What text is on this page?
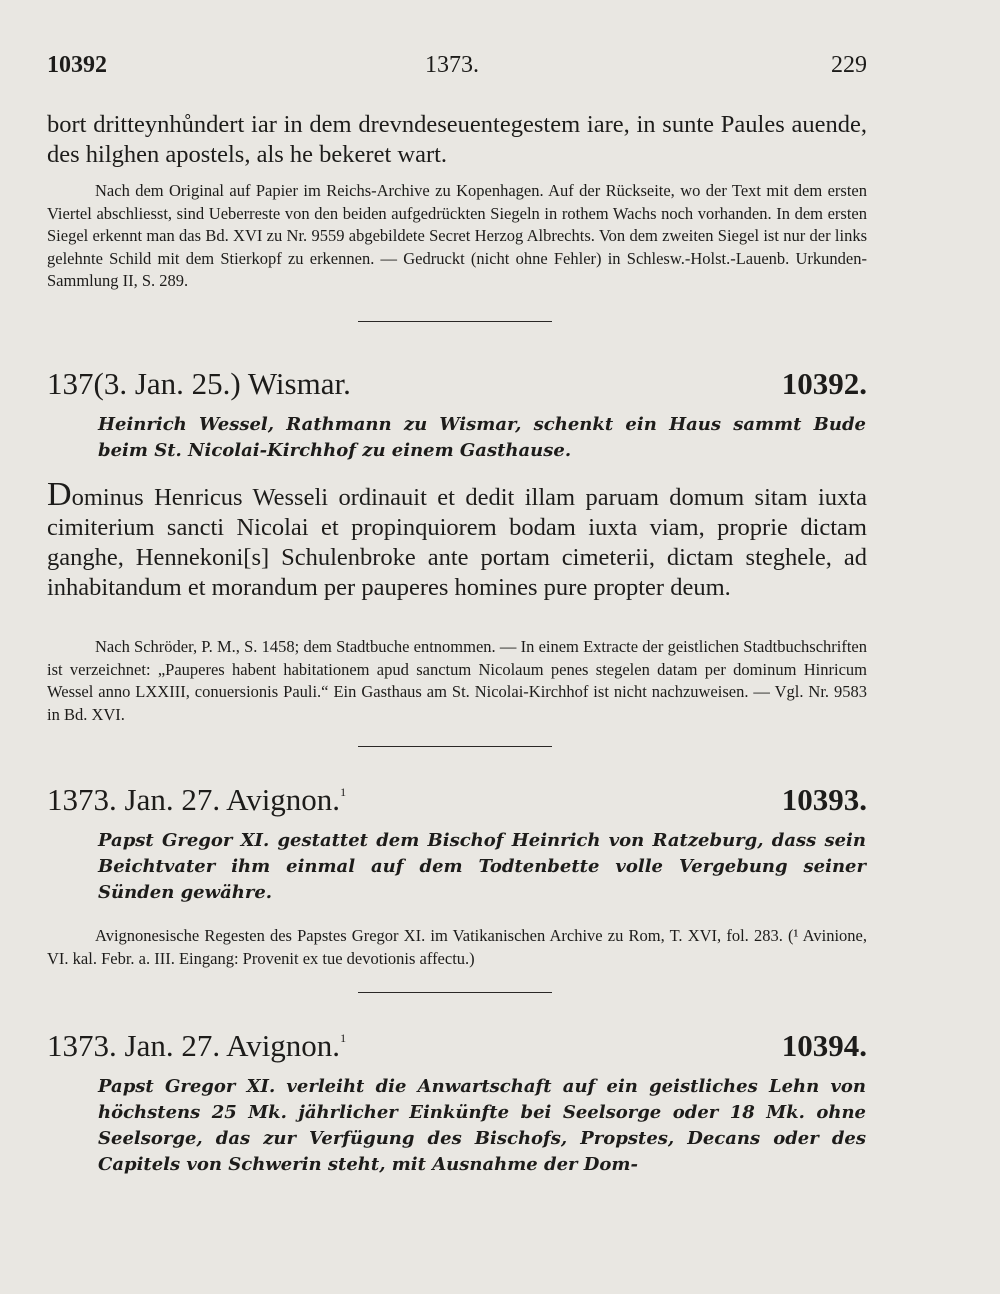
10392	1373.	229
bort dritteynhůndert iar in dem drevndeseuentegestem iare, in sunte Paules auende, des hilghen apostels, als he bekeret wart.
Nach dem Original auf Papier im Reichs-Archive zu Kopenhagen. Auf der Rückseite, wo der Text mit dem ersten Viertel abschliesst, sind Ueberreste von den beiden aufgedrückten Siegeln in rothem Wachs noch vorhanden. In dem ersten Siegel erkennt man das Bd. XVI zu Nr. 9559 abgebildete Secret Herzog Albrechts. Von dem zweiten Siegel ist nur der links gelehnte Schild mit dem Stierkopf zu erkennen. — Gedruckt (nicht ohne Fehler) in Schlesw.-Holst.-Lauenb. Urkunden-Sammlung II, S. 289.
137(3. Jan. 25.) Wismar.	10392.
Heinrich Wessel, Rathmann zu Wismar, schenkt ein Haus sammt Bude beim St. Nicolai-Kirchhof zu einem Gasthause.
Dominus Henricus Wesseli ordinauit et dedit illam paruam domum sitam iuxta cimiterium sancti Nicolai et propinquiorem bodam iuxta viam, proprie dictam ganghe, Hennekoni[s] Schulenbroke ante portam cimeterii, dictam steghele, ad inhabitandum et morandum per pauperes homines pure propter deum.
Nach Schröder, P. M., S. 1458; dem Stadtbuche entnommen. — In einem Extracte der geistlichen Stadtbuchschriften ist verzeichnet: „Pauperes habent habitationem apud sanctum Nicolaum penes stegelen datam per dominum Hinricum Wessel anno LXXIII, conuersionis Pauli.“ Ein Gasthaus am St. Nicolai-Kirchhof ist nicht nachzuweisen. — Vgl. Nr. 9583 in Bd. XVI.
1373. Jan. 27. Avignon.$^1$	10393.
Papst Gregor XI. gestattet dem Bischof Heinrich von Ratzeburg, dass sein Beichtvater ihm einmal auf dem Todtenbette volle Vergebung seiner Sünden gewähre.
Avignonesische Regesten des Papstes Gregor XI. im Vatikanischen Archive zu Rom, T. XVI, fol. 283. (¹ Avinione, VI. kal. Febr. a. III. Eingang: Provenit ex tue devotionis affectu.)
1373. Jan. 27. Avignon.$^1$	10394.
Papst Gregor XI. verleiht die Anwartschaft auf ein geistliches Lehn von höchstens 25 Mk. jährlicher Einkünfte bei Seelsorge oder 18 Mk. ohne Seelsorge, das zur Verfügung des Bischofs, Propstes, Decans oder des Capitels von Schwerin steht, mit Ausnahme der Dom-
